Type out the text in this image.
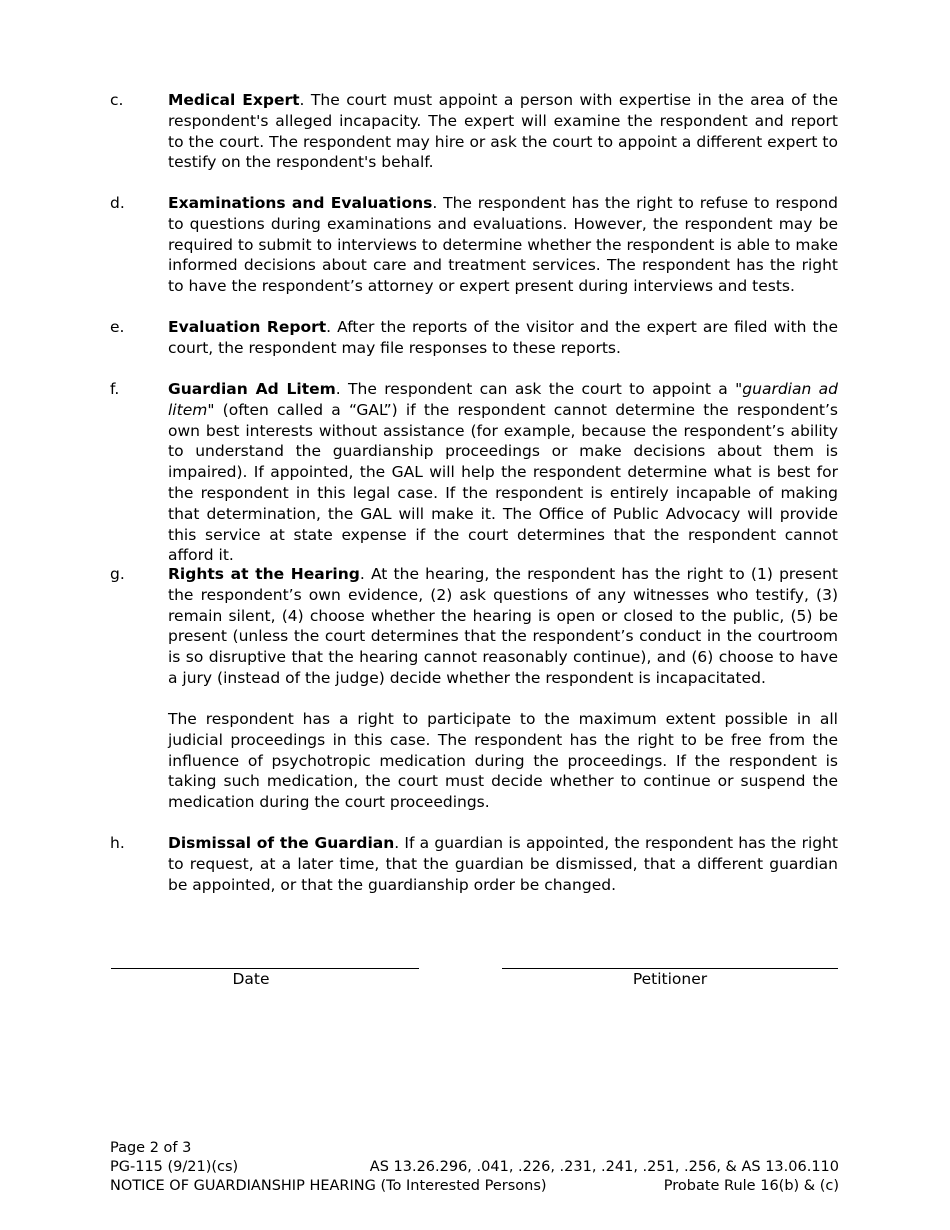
c.	Medical Expert. The court must appoint a person with expertise in the area of the respondent's alleged incapacity. The expert will examine the respondent and report to the court. The respondent may hire or ask the court to appoint a different expert to testify on the respondent's behalf.
d.	Examinations and Evaluations. The respondent has the right to refuse to respond to questions during examinations and evaluations. However, the respondent may be required to submit to interviews to determine whether the respondent is able to make informed decisions about care and treatment services. The respondent has the right to have the respondent’s attorney or expert present during interviews and tests.
e.	Evaluation Report. After the reports of the visitor and the expert are filed with the court, the respondent may file responses to these reports.
f.	Guardian Ad Litem. The respondent can ask the court to appoint a "guardian ad litem" (often called a “GAL”) if the respondent cannot determine the respondent’s own best interests without assistance (for example, because the respondent’s ability to understand the guardianship proceedings or make decisions about them is impaired). If appointed, the GAL will help the respondent determine what is best for the respondent in this legal case. If the respondent is entirely incapable of making that determination, the GAL will make it. The Office of Public Advocacy will provide this service at state expense if the court determines that the respondent cannot afford it.
g.	Rights at the Hearing. At the hearing, the respondent has the right to (1) present the respondent’s own evidence, (2) ask questions of any witnesses who testify, (3) remain silent, (4) choose whether the hearing is open or closed to the public, (5) be present (unless the court determines that the respondent’s conduct in the courtroom is so disruptive that the hearing cannot reasonably continue), and (6) choose to have a jury (instead of the judge) decide whether the respondent is incapacitated.
The respondent has a right to participate to the maximum extent possible in all judicial proceedings in this case. The respondent has the right to be free from the influence of psychotropic medication during the proceedings. If the respondent is taking such medication, the court must decide whether to continue or suspend the medication during the court proceedings.
h.	Dismissal of the Guardian. If a guardian is appointed, the respondent has the right to request, at a later time, that the guardian be dismissed, that a different guardian be appointed, or that the guardianship order be changed.
Date	Petitioner
Page 2 of 3
PG-115 (9/21)(cs)	AS 13.26.296, .041, .226, .231, .241, .251, .256, & AS 13.06.110
NOTICE OF GUARDIANSHIP HEARING (To Interested Persons)	Probate Rule 16(b) & (c)
